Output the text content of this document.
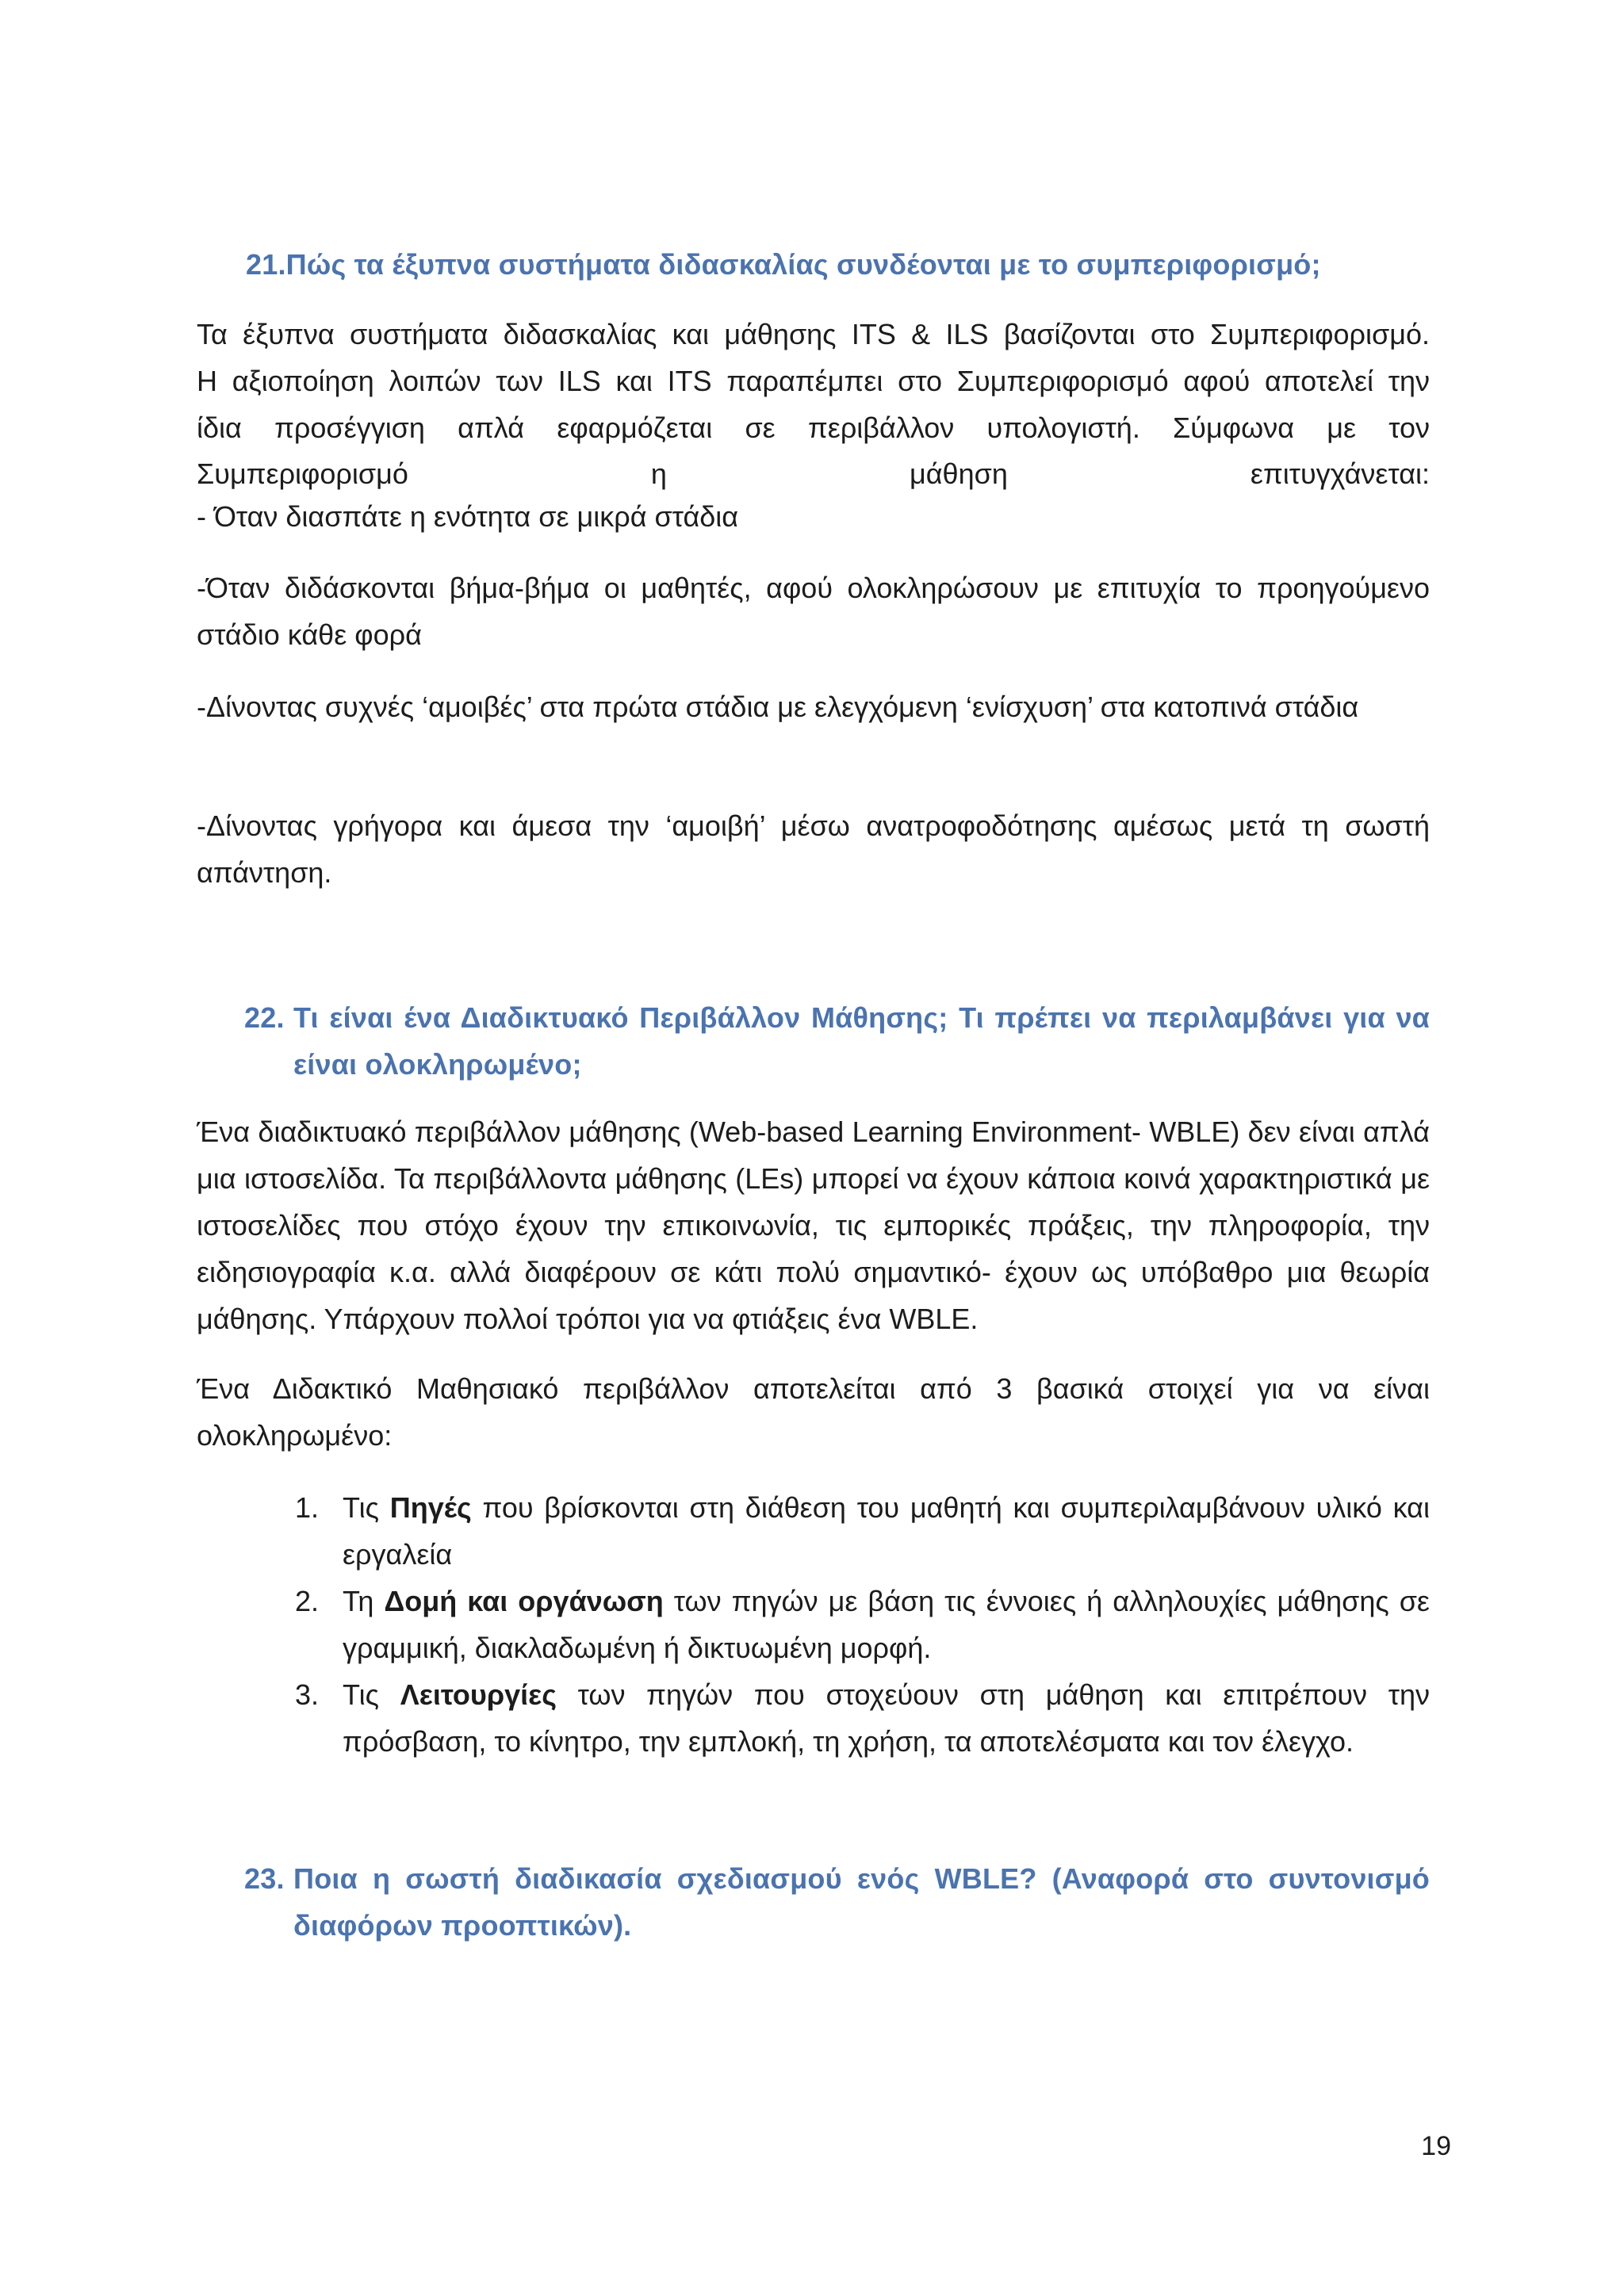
21.Πώς τα έξυπνα συστήματα διδασκαλίας συνδέονται με το συμπεριφορισμό;
Τα έξυπνα συστήματα διδασκαλίας και μάθησης ITS & ILS βασίζονται στο Συμπεριφορισμό.
Η αξιοποίηση λοιπών των ILS και ITS παραπέμπει στο Συμπεριφορισμό αφού αποτελεί την
ίδια προσέγγιση απλά εφαρμόζεται σε περιβάλλον υπολογιστή. Σύμφωνα με τον
Συμπεριφορισμό η μάθηση επιτυγχάνεται:
- Όταν διασπάτε η ενότητα σε μικρά στάδια

-Όταν διδάσκονται βήμα-βήμα οι μαθητές, αφού ολοκληρώσουν με επιτυχία το προηγούμενο στάδιο κάθε φορά

-Δίνοντας συχνές ‘αμοιβές’ στα πρώτα στάδια με ελεγχόμενη ‘ενίσχυση’ στα κατοπινά στάδια

-Δίνοντας γρήγορα και άμεσα την ‘αμοιβή’ μέσω ανατροφοδότησης αμέσως μετά τη σωστή απάντηση.

22. Τι είναι ένα Διαδικτυακό Περιβάλλον Μάθησης; Τι πρέπει να περιλαμβάνει για να είναι ολοκληρωμένο;

Ένα διαδικτυακό περιβάλλον μάθησης (Web-based Learning Environment- WBLE) δεν είναι απλά μια ιστοσελίδα. Τα περιβάλλοντα μάθησης (LEs) μπορεί να έχουν κάποια κοινά χαρακτηριστικά με ιστοσελίδες που στόχο έχουν την επικοινωνία, τις εμπορικές πράξεις, την πληροφορία, την ειδησιογραφία κ.α. αλλά διαφέρουν σε κάτι πολύ σημαντικό- έχουν ως υπόβαθρο μια θεωρία μάθησης. Υπάρχουν πολλοί τρόποι για να φτιάξεις ένα WBLE.

Ένα Διδακτικό Μαθησιακό περιβάλλον αποτελείται από 3 βασικά στοιχεί για να είναι ολοκληρωμένο:

1. Τις Πηγές που βρίσκονται στη διάθεση του μαθητή και συμπεριλαμβάνουν υλικό και εργαλεία
2. Τη Δομή και οργάνωση των πηγών με βάση τις έννοιες ή αλληλουχίες μάθησης σε γραμμική, διακλαδωμένη ή δικτυωμένη μορφή.
3. Τις Λειτουργίες των πηγών που στοχεύουν στη μάθηση και επιτρέπουν την πρόσβαση, το κίνητρο, την εμπλοκή, τη χρήση, τα αποτελέσματα και τον έλεγχο.
23. Ποια η σωστή διαδικασία σχεδιασμού ενός WBLE? (Αναφορά στο συντονισμό διαφόρων προοπτικών).
19
